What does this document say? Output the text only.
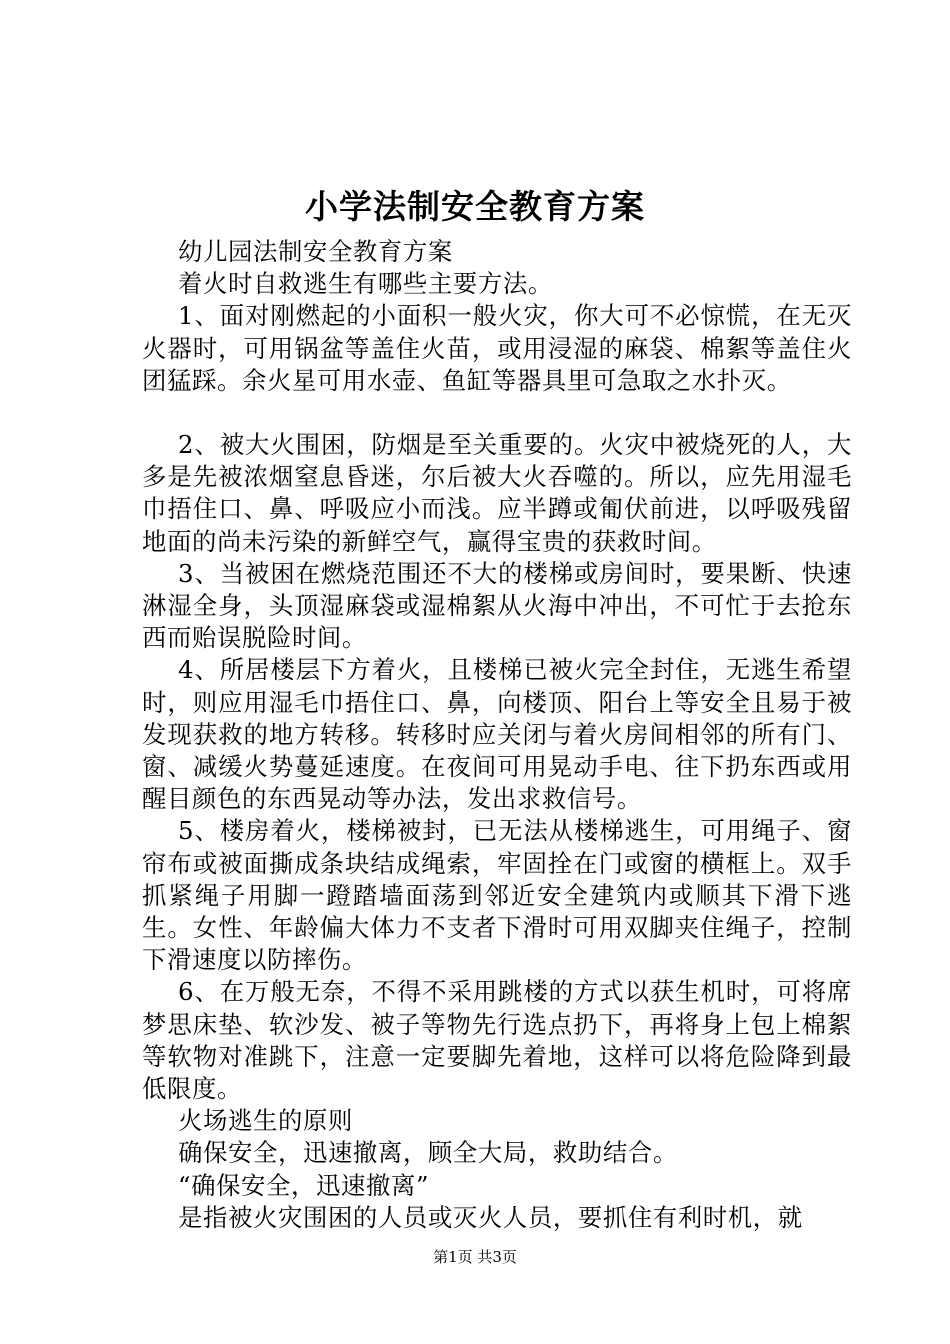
小学法制安全教育方案

幼儿园法制安全教育方案

着火时自救逃生有哪些主要方法。

1、面对刚燃起的小面积一般火灾，你大可不必惊慌，在无灭火器时，可用锅盆等盖住火苗，或用浸湿的麻袋、棉絮等盖住火团猛踩。余火星可用水壶、鱼缸等器具里可急取之水扑灭。

2、被大火围困，防烟是至关重要的。火灾中被烧死的人，大多是先被浓烟窒息昏迷，尔后被大火吞噬的。所以，应先用湿毛巾捂住口、鼻、呼吸应小而浅。应半蹲或匍伏前进，以呼吸残留地面的尚未污染的新鲜空气，赢得宝贵的获救时间。

3、当被困在燃烧范围还不大的楼梯或房间时，要果断、快速淋湿全身，头顶湿麻袋或湿棉絮从火海中冲出，不可忙于去抢东西而贻误脱险时间。

4、所居楼层下方着火，且楼梯已被火完全封住，无逃生希望时，则应用湿毛巾捂住口、鼻，向楼顶、阳台上等安全且易于被发现获救的地方转移。转移时应关闭与着火房间相邻的所有门、窗、减缓火势蔓延速度。在夜间可用晃动手电、往下扔东西或用醒目颜色的东西晃动等办法，发出求救信号。

5、楼房着火，楼梯被封，已无法从楼梯逃生，可用绳子、窗帘布或被面撕成条块结成绳索，牢固拴在门或窗的横框上。双手抓紧绳子用脚一蹬踏墙面荡到邻近安全建筑内或顺其下滑下逃生。女性、年龄偏大体力不支者下滑时可用双脚夹住绳子，控制下滑速度以防摔伤。

6、在万般无奈，不得不采用跳楼的方式以获生机时，可将席梦思床垫、软沙发、被子等物先行选点扔下，再将身上包上棉絮等软物对准跳下，注意一定要脚先着地，这样可以将危险降到最低限度。

火场逃生的原则

确保安全，迅速撤离，顾全大局，救助结合。

“确保安全，迅速撤离”

是指被火灾围困的人员或灭火人员，要抓住有利时机，就

第1页 共3页
